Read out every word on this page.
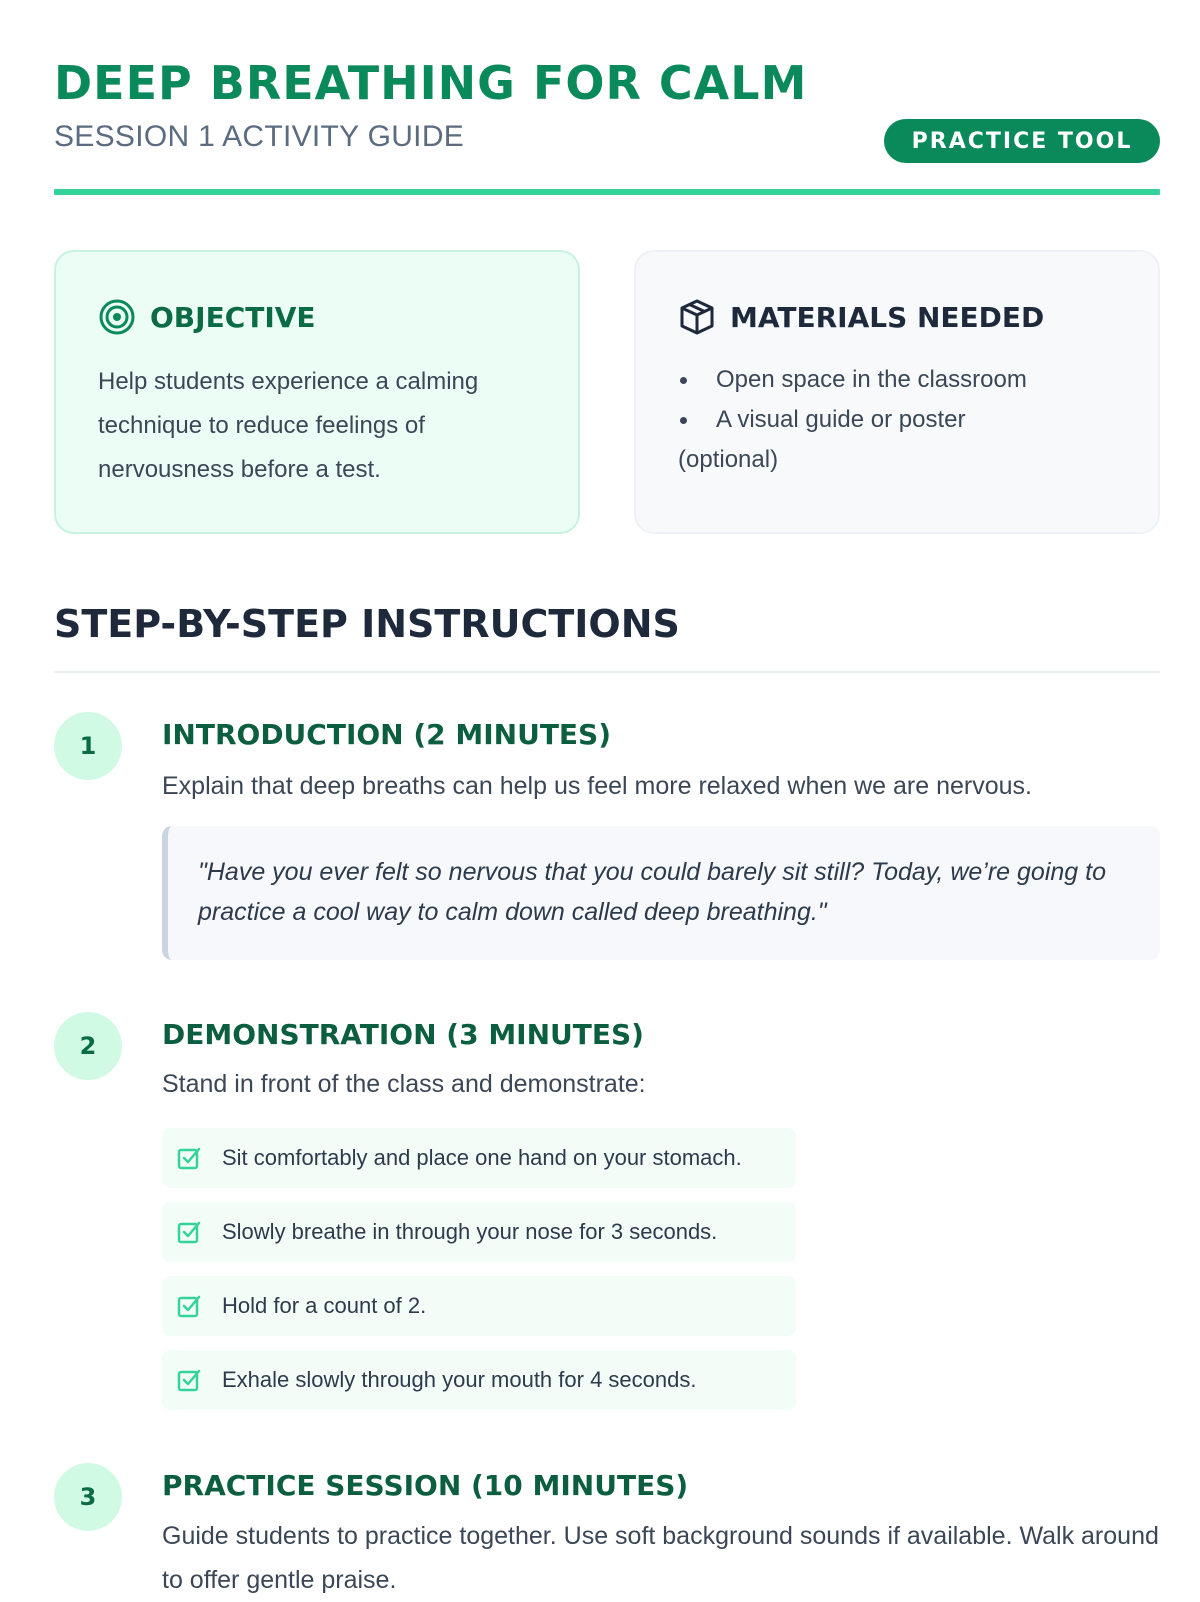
DEEP BREATHING FOR CALM
SESSION 1 ACTIVITY GUIDE	PRACTICE TOOL
OBJECTIVE
Help students experience a calming technique to reduce feelings of nervousness before a test.
MATERIALS NEEDED
Open space in the classroom
A visual guide or poster
(optional)
STEP-BY-STEP INSTRUCTIONS
1	INTRODUCTION (2 MINUTES)
Explain that deep breaths can help us feel more relaxed when we are nervous.
"Have you ever felt so nervous that you could barely sit still? Today, we’re going to practice a cool way to calm down called deep breathing."
2	DEMONSTRATION (3 MINUTES)
Stand in front of the class and demonstrate:
Sit comfortably and place one hand on your stomach.
Slowly breathe in through your nose for 3 seconds.
Hold for a count of 2.
Exhale slowly through your mouth for 4 seconds.
3	PRACTICE SESSION (10 MINUTES)
Guide students to practice together. Use soft background sounds if available. Walk around to offer gentle praise.
